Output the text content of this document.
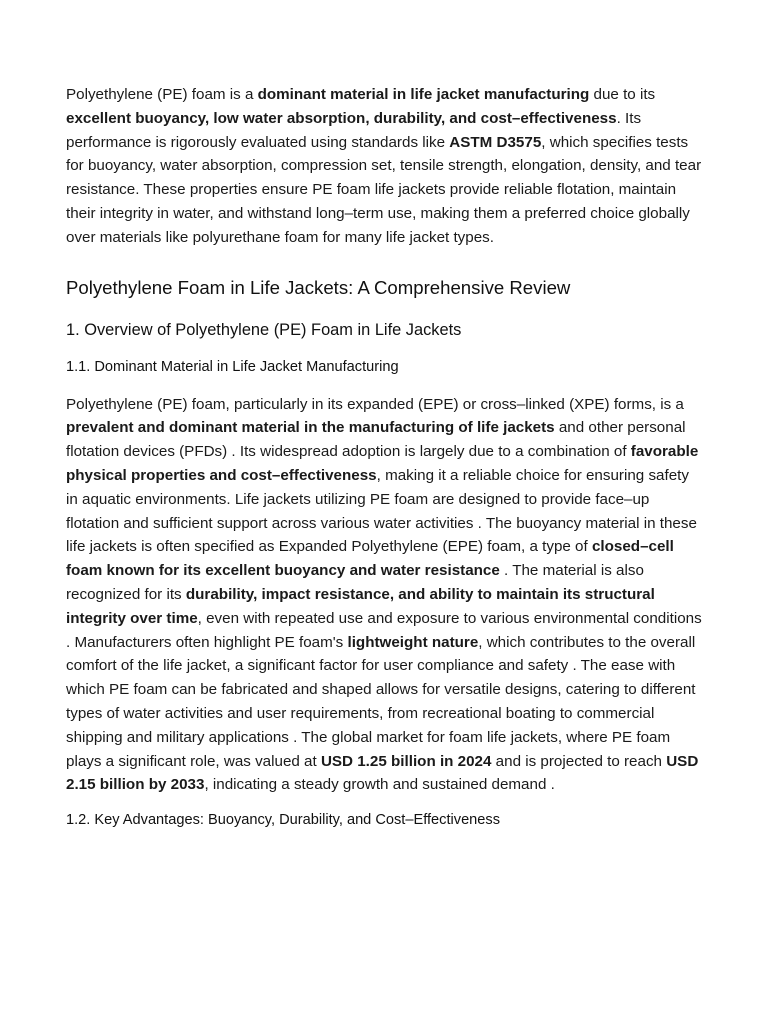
Polyethylene (PE) foam is a dominant material in life jacket manufacturing due to its excellent buoyancy, low water absorption, durability, and cost–effectiveness. Its performance is rigorously evaluated using standards like ASTM D3575, which specifies tests for buoyancy, water absorption, compression set, tensile strength, elongation, density, and tear resistance. These properties ensure PE foam life jackets provide reliable flotation, maintain their integrity in water, and withstand long–term use, making them a preferred choice globally over materials like polyurethane foam for many life jacket types.

Polyethylene Foam in Life Jackets: A Comprehensive Review
1. Overview of Polyethylene (PE) Foam in Life Jackets
1.1. Dominant Material in Life Jacket Manufacturing

Polyethylene (PE) foam, particularly in its expanded (EPE) or cross–linked (XPE) forms, is a prevalent and dominant material in the manufacturing of life jackets and other personal flotation devices (PFDs) . Its widespread adoption is largely due to a combination of favorable physical properties and cost–effectiveness, making it a reliable choice for ensuring safety in aquatic environments. Life jackets utilizing PE foam are designed to provide face–up flotation and sufficient support across various water activities . The buoyancy material in these life jackets is often specified as Expanded Polyethylene (EPE) foam, a type of closed–cell foam known for its excellent buoyancy and water resistance . The material is also recognized for its durability, impact resistance, and ability to maintain its structural integrity over time, even with repeated use and exposure to various environmental conditions . Manufacturers often highlight PE foam's lightweight nature, which contributes to the overall comfort of the life jacket, a significant factor for user compliance and safety . The ease with which PE foam can be fabricated and shaped allows for versatile designs, catering to different types of water activities and user requirements, from recreational boating to commercial shipping and military applications . The global market for foam life jackets, where PE foam plays a significant role, was valued at USD 1.25 billion in 2024 and is projected to reach USD 2.15 billion by 2033, indicating a steady growth and sustained demand .

1.2. Key Advantages: Buoyancy, Durability, and Cost–Effectiveness
